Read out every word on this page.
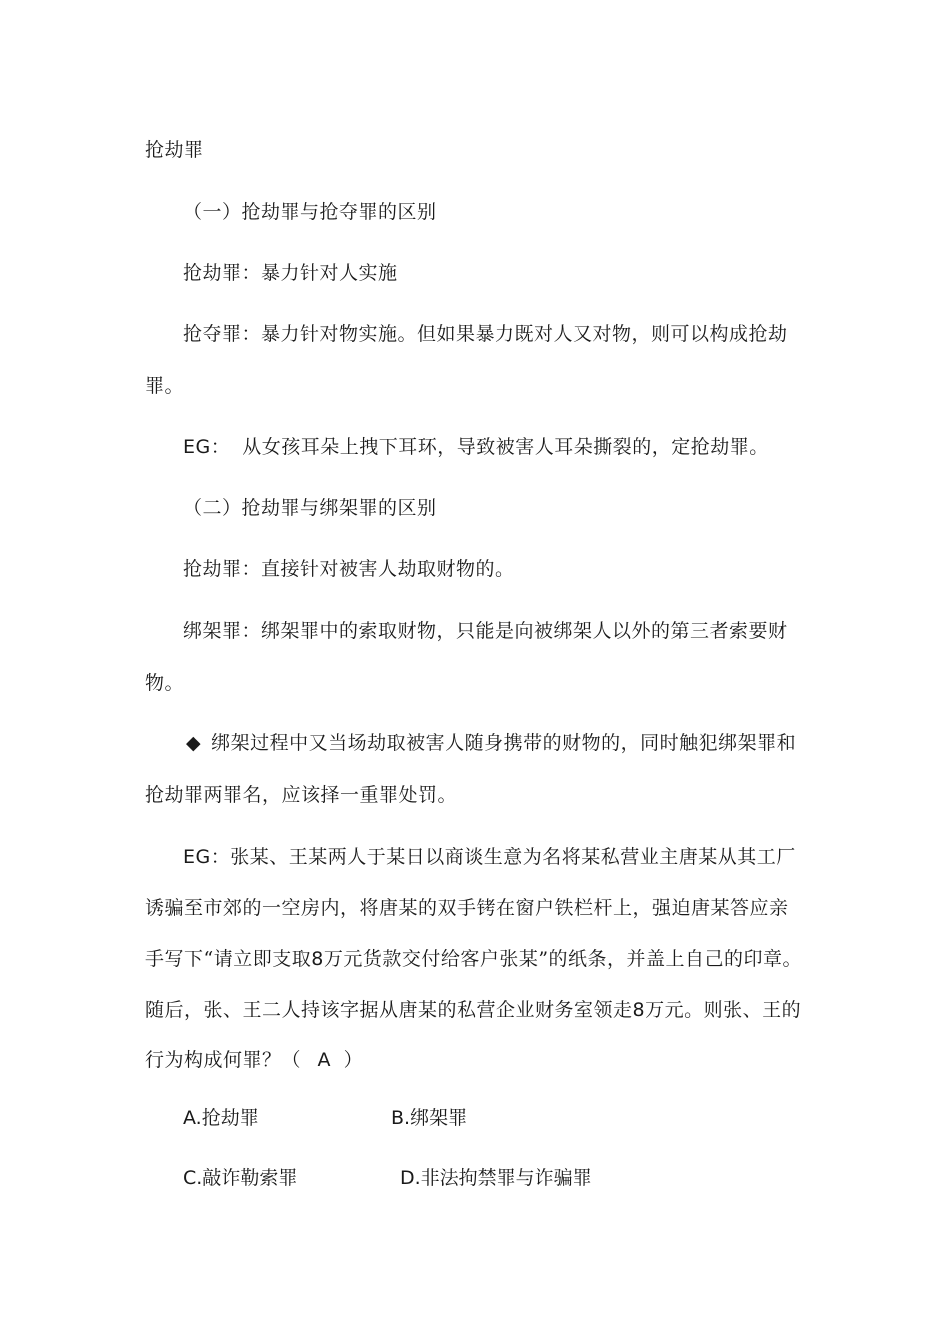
抢劫罪
（一）抢劫罪与抢夺罪的区别
抢劫罪：暴力针对人实施
抢夺罪：暴力针对物实施。但如果暴力既对人又对物，则可以构成抢劫
罪。
EG： 从女孩耳朵上拽下耳环，导致被害人耳朵撕裂的，定抢劫罪。
（二）抢劫罪与绑架罪的区别
抢劫罪：直接针对被害人劫取财物的。
绑架罪：绑架罪中的索取财物，只能是向被绑架人以外的第三者索要财
物。
◆ 绑架过程中又当场劫取被害人随身携带的财物的，同时触犯绑架罪和
抢劫罪两罪名，应该择一重罪处罚。
EG：张某、王某两人于某日以商谈生意为名将某私营业主唐某从其工厂
诱骗至市郊的一空房内，将唐某的双手铐在窗户铁栏杆上，强迫唐某答应亲
手写下“请立即支取8万元货款交付给客户张某”的纸条，并盖上自己的印章。
随后，张、王二人持该字据从唐某的私营企业财务室领走8万元。则张、王的
行为构成何罪？（ A ）
A.抢劫罪	B.绑架罪
C.敲诈勒索罪	D.非法拘禁罪与诈骗罪
